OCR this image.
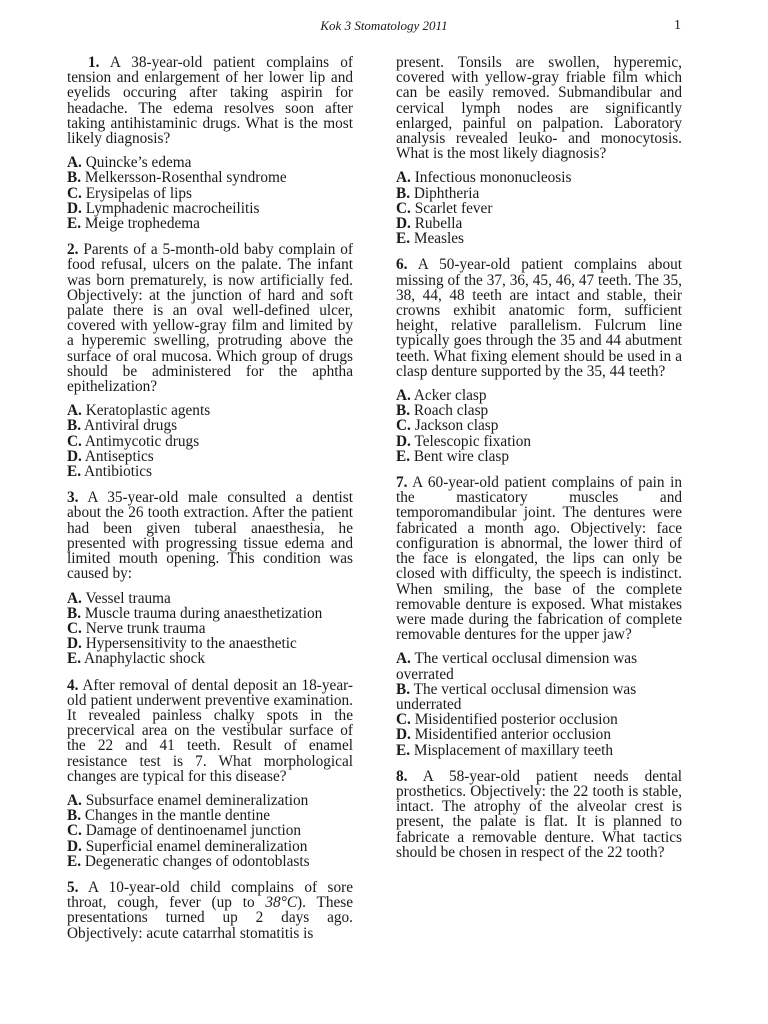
Kok 3 Stomatology 2011	1

1. A 38-year-old patient complains of tension and enlargement of her lower lip and eyelids occuring after taking aspirin for headache. The edema resolves soon after taking antihistaminic drugs. What is the most likely diagnosis?

A. Quincke’s edema

B. Melkersson-Rosenthal syndrome

C. Erysipelas of lips

D. Lymphadenic macrocheilitis

E. Meige trophedema

2. Parents of a 5-month-old baby complain of food refusal, ulcers on the palate. The infant was born prematurely, is now artificially fed. Objectively: at the junction of hard and soft palate there is an oval well-defined ulcer, covered with yellow-gray film and limited by a hyperemic swelling, protruding above the surface of oral mucosa. Which group of drugs should be administered for the aphtha epithelization?

A. Keratoplastic agents

B. Antiviral drugs

C. Antimycotic drugs

D. Antiseptics

E. Antibiotics

3. A 35-year-old male consulted a dentist about the 26 tooth extraction. After the patient had been given tuberal anaesthesia, he presented with progressing tissue edema and limited mouth opening. This condition was caused by:

A. Vessel trauma

B. Muscle trauma during anaesthetization

C. Nerve trunk trauma

D. Hypersensitivity to the anaesthetic

E. Anaphylactic shock

4. After removal of dental deposit an 18-year-old patient underwent preventive examination. It revealed painless chalky spots in the precervical area on the vestibular surface of the 22 and 41 teeth. Result of enamel resistance test is 7. What morphological changes are typical for this disease?

A. Subsurface enamel demineralization

B. Changes in the mantle dentine

C. Damage of dentinoenamel junction

D. Superficial enamel demineralization

E. Degeneratic changes of odontoblasts

5. A 10-year-old child complains of sore throat, cough, fever (up to 38°C). These presentations turned up 2 days ago. Objectively: acute catarrhal stomatitis is

present. Tonsils are swollen, hyperemic, covered with yellow-gray friable film which can be easily removed. Submandibular and cervical lymph nodes are significantly enlarged, painful on palpation. Laboratory analysis revealed leuko- and monocytosis. What is the most likely diagnosis?

A. Infectious mononucleosis

B. Diphtheria

C. Scarlet fever

D. Rubella

E. Measles

6. A 50-year-old patient complains about missing of the 37, 36, 45, 46, 47 teeth. The 35, 38, 44, 48 teeth are intact and stable, their crowns exhibit anatomic form, sufficient height, relative parallelism. Fulcrum line typically goes through the 35 and 44 abutment teeth. What fixing element should be used in a clasp denture supported by the 35, 44 teeth?

A. Acker clasp

B. Roach clasp

C. Jackson clasp

D. Telescopic fixation

E. Bent wire clasp

7. A 60-year-old patient complains of pain in the masticatory muscles and temporomandibular joint. The dentures were fabricated a month ago. Objectively: face configuration is abnormal, the lower third of the face is elongated, the lips can only be closed with difficulty, the speech is indistinct. When smiling, the base of the complete removable denture is exposed. What mistakes were made during the fabrication of complete removable dentures for the upper jaw?

A. The vertical occlusal dimension was overrated

B. The vertical occlusal dimension was underrated

C. Misidentified posterior occlusion

D. Misidentified anterior occlusion

E. Misplacement of maxillary teeth

8. A 58-year-old patient needs dental prosthetics. Objectively: the 22 tooth is stable, intact. The atrophy of the alveolar crest is present, the palate is flat. It is planned to fabricate a removable denture. What tactics should be chosen in respect of the 22 tooth?
